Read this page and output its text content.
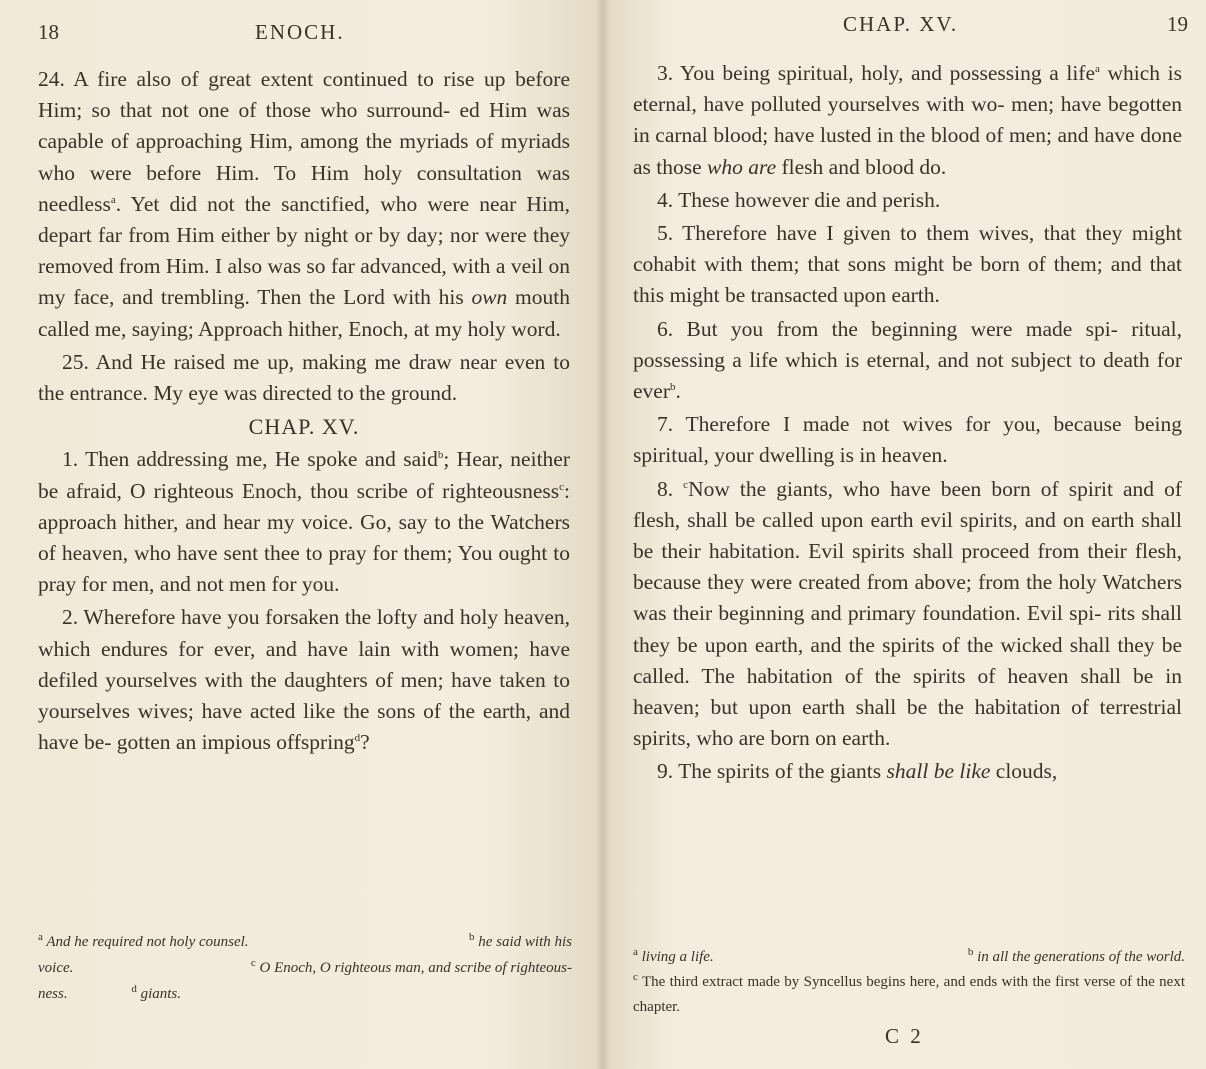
18	ENOCH.

24. A fire also of great extent continued to rise up before Him; so that not one of those who surround- ed Him was capable of approaching Him, among the myriads of myriads who were before Him. To Him holy consultation was needless$^a$. Yet did not the sanctified, who were near Him, depart far from Him either by night or by day; nor were they removed from Him. I also was so far advanced, with a veil on my face, and trembling. Then the Lord with his own mouth called me, saying; Approach hither, Enoch, at my holy word.

25. And He raised me up, making me draw near even to the entrance. My eye was directed to the ground.

CHAP. XV.

1. Then addressing me, He spoke and said$^b$; Hear, neither be afraid, O righteous Enoch, thou scribe of righteousness$^c$: approach hither, and hear my voice. Go, say to the Watchers of heaven, who have sent thee to pray for them; You ought to pray for men, and not men for you.

2. Wherefore have you forsaken the lofty and holy heaven, which endures for ever, and have lain with women; have defiled yourselves with the daughters of men; have taken to yourselves wives; have acted like the sons of the earth, and have be- gotten an impious offspring$^d$?

$^a$ And he required not holy counsel.	$^b$ he said with his
voice.	$^c$ O Enoch, O righteous man, and scribe of righteous-
ness.	$^d$ giants.
CHAP. XV.	19

3. You being spiritual, holy, and possessing a life$^a$ which is eternal, have polluted yourselves with wo- men; have begotten in carnal blood; have lusted in the blood of men; and have done as those who are flesh and blood do.

4. These however die and perish.

5. Therefore have I given to them wives, that they might cohabit with them; that sons might be born of them; and that this might be transacted upon earth.

6. But you from the beginning were made spi- ritual, possessing a life which is eternal, and not subject to death for ever$^b$.

7. Therefore I made not wives for you, because being spiritual, your dwelling is in heaven.

8. $^c$Now the giants, who have been born of spirit and of flesh, shall be called upon earth evil spirits, and on earth shall be their habitation. Evil spirits shall proceed from their flesh, because they were created from above; from the holy Watchers was their beginning and primary foundation. Evil spi- rits shall they be upon earth, and the spirits of the wicked shall they be called. The habitation of the spirits of heaven shall be in heaven; but upon earth shall be the habitation of terrestrial spirits, who are born on earth.

9. The spirits of the giants shall be like clouds,

$^a$ living a life.	$^b$ in all the generations of the world.
$^c$ The third extract made by Syncellus begins here, and ends with the first verse of the next chapter.
C 2
